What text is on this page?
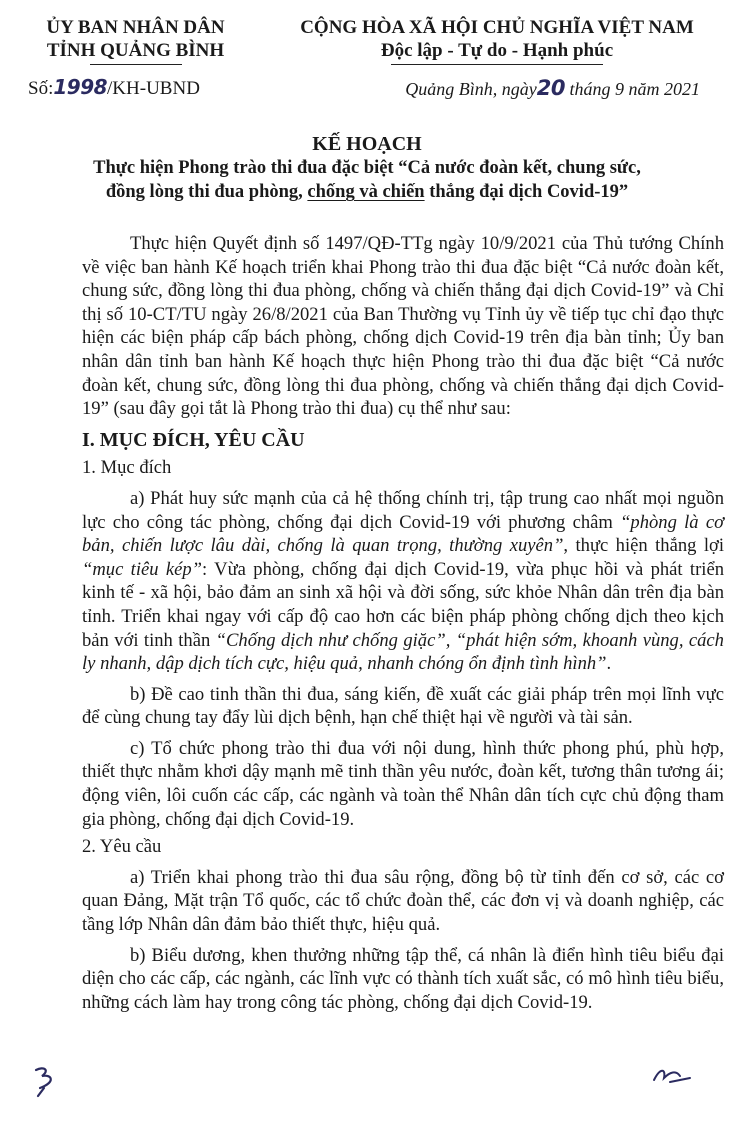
ỦY BAN NHÂN DÂN
TỈNH QUẢNG BÌNH
CỘNG HÒA XÃ HỘI CHỦ NGHĨA VIỆT NAM
Độc lập - Tự do - Hạnh phúc
Số:1998/KH-UBND	Quảng Bình, ngày20 tháng 9 năm 2021
KẾ HOẠCH
Thực hiện Phong trào thi đua đặc biệt “Cả nước đoàn kết, chung sức,
đồng lòng thi đua phòng, chống và chiến thắng đại dịch Covid-19”

Thực hiện Quyết định số 1497/QĐ-TTg ngày 10/9/2021 của Thủ tướng Chính về việc ban hành Kế hoạch triển khai Phong trào thi đua đặc biệt “Cả nước đoàn kết, chung sức, đồng lòng thi đua phòng, chống và chiến thắng đại dịch Covid-19” và Chỉ thị số 10-CT/TU ngày 26/8/2021 của Ban Thường vụ Tỉnh ủy về tiếp tục chỉ đạo thực hiện các biện pháp cấp bách phòng, chống dịch Covid-19 trên địa bàn tỉnh; Ủy ban nhân dân tỉnh ban hành Kế hoạch thực hiện Phong trào thi đua đặc biệt “Cả nước đoàn kết, chung sức, đồng lòng thi đua phòng, chống và chiến thắng đại dịch Covid-19” (sau đây gọi tắt là Phong trào thi đua) cụ thể như sau:

I. MỤC ĐÍCH, YÊU CẦU

1. Mục đích

a) Phát huy sức mạnh của cả hệ thống chính trị, tập trung cao nhất mọi nguồn lực cho công tác phòng, chống đại dịch Covid-19 với phương châm “phòng là cơ bản, chiến lược lâu dài, chống là quan trọng, thường xuyên”, thực hiện thắng lợi “mục tiêu kép”: Vừa phòng, chống đại dịch Covid-19, vừa phục hồi và phát triển kinh tế - xã hội, bảo đảm an sinh xã hội và đời sống, sức khỏe Nhân dân trên địa bàn tỉnh. Triển khai ngay với cấp độ cao hơn các biện pháp phòng chống dịch theo kịch bản với tinh thần “Chống dịch như chống giặc”, “phát hiện sớm, khoanh vùng, cách ly nhanh, dập dịch tích cực, hiệu quả, nhanh chóng ổn định tình hình”.

b) Đề cao tinh thần thi đua, sáng kiến, đề xuất các giải pháp trên mọi lĩnh vực để cùng chung tay đẩy lùi dịch bệnh, hạn chế thiệt hại về người và tài sản.

c) Tổ chức phong trào thi đua với nội dung, hình thức phong phú, phù hợp, thiết thực nhằm khơi dậy mạnh mẽ tinh thần yêu nước, đoàn kết, tương thân tương ái; động viên, lôi cuốn các cấp, các ngành và toàn thể Nhân dân tích cực chủ động tham gia phòng, chống đại dịch Covid-19.

2. Yêu cầu

a) Triển khai phong trào thi đua sâu rộng, đồng bộ từ tỉnh đến cơ sở, các cơ quan Đảng, Mặt trận Tổ quốc, các tổ chức đoàn thể, các đơn vị và doanh nghiệp, các tầng lớp Nhân dân đảm bảo thiết thực, hiệu quả.

b) Biểu dương, khen thưởng những tập thể, cá nhân là điển hình tiêu biểu đại diện cho các cấp, các ngành, các lĩnh vực có thành tích xuất sắc, có mô hình tiêu biểu, những cách làm hay trong công tác phòng, chống đại dịch Covid-19.
